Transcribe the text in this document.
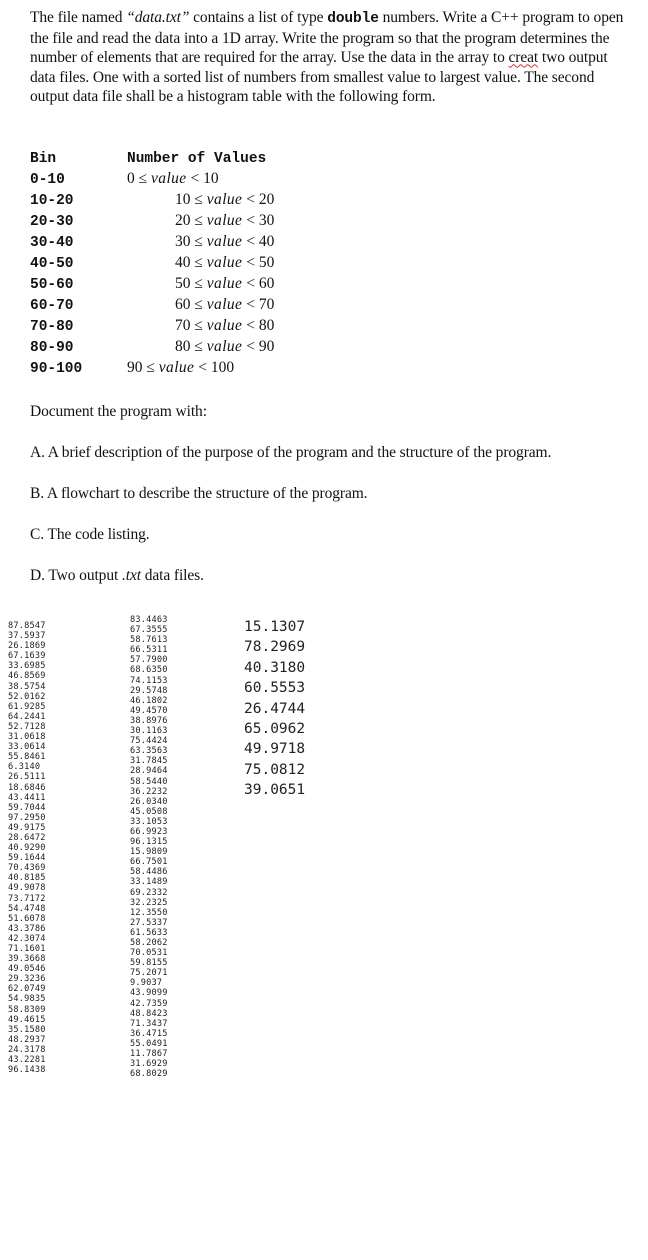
The file named “data.txt” contains a list of type double numbers. Write a C++ program to open the file and read the data into a 1D array. Write the program so that the program determines the number of elements that are required for the array. Use the data in the array to creat two output data files. One with a sorted list of numbers from smallest value to largest value. The second output data file shall be a histogram table with the following form.
Bin	Number of Values
0-10
10-20
20-30
30-40
40-50
50-60
60-70
70-80
80-90
90-100
0 ≤ value < 10
10 ≤ value < 20
20 ≤ value < 30
30 ≤ value < 40
40 ≤ value < 50
50 ≤ value < 60
60 ≤ value < 70
70 ≤ value < 80
80 ≤ value < 90
90 ≤ value < 100
Document the program with:
A. A brief description of the purpose of the program and the structure of the program.
B. A flowchart to describe the structure of the program.
C. The code listing.
D. Two output .txt data files.
87.8547
37.5937
26.1869
67.1639
33.6985
46.8569
38.5754
52.0162
61.9285
64.2441
52.7128
31.0618
33.0614
55.8461
6.3140
26.5111
18.6846
43.4411
59.7044
97.2950
49.9175
28.6472
40.9290
59.1644
70.4369
40.8185
49.9078
73.7172
54.4748
51.6078
43.3786
42.3074
71.1601
39.3668
49.0546
29.3236
62.0749
54.9835
58.8309
49.4615
35.1580
48.2937
24.3178
43.2281
96.1438
83.4463
67.3555
58.7613
66.5311
57.7900
68.6350
74.1153
29.5748
46.1802
49.4570
38.8976
30.1163
75.4424
63.3563
31.7845
28.9464
58.5440
36.2232
26.0340
45.0508
33.1053
66.9923
96.1315
15.9809
66.7501
58.4486
33.1489
69.2332
32.2325
12.3550
27.5337
61.5633
58.2062
70.0531
59.8155
75.2071
9.9037
43.9099
42.7359
48.8423
71.3437
36.4715
55.0491
11.7867
31.6929
68.8029
15.1307
78.2969
40.3180
60.5553
26.4744
65.0962
49.9718
75.0812
39.0651
